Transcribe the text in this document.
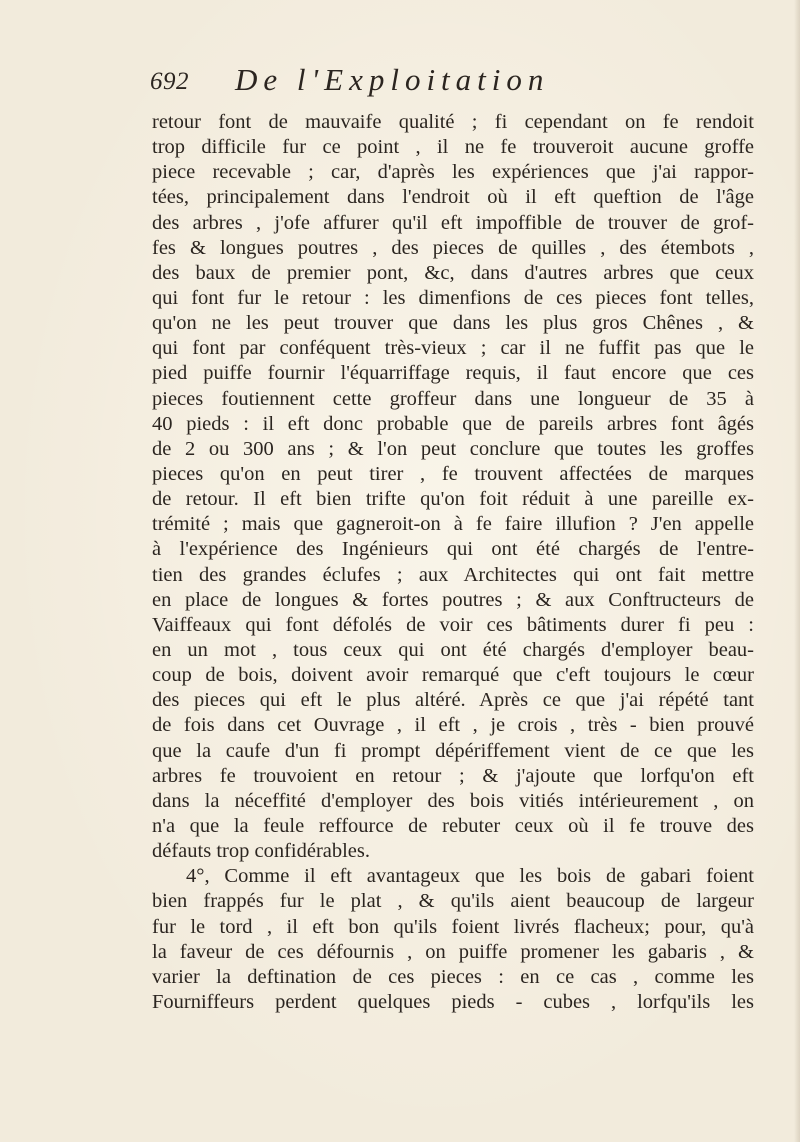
692 De l'Exploitation
retour font de mauvaife qualité ; fi cependant on fe rendoit
trop difficile fur ce point , il ne fe trouveroit aucune groffe
piece recevable ; car, d'après les expériences que j'ai rappor-
tées, principalement dans l'endroit où il eft queftion de l'âge
des arbres , j'ofe affurer qu'il eft impoffible de trouver de grof-
fes & longues poutres , des pieces de quilles , des étembots ,
des baux de premier pont, &c, dans d'autres arbres que ceux
qui font fur le retour : les dimenfions de ces pieces font telles,
qu'on ne les peut trouver que dans les plus gros Chênes , &
qui font par conféquent très-vieux ; car il ne fuffit pas que le
pied puiffe fournir l'équarriffage requis, il faut encore que ces
pieces foutiennent cette groffeur dans une longueur de 35 à
40 pieds : il eft donc probable que de pareils arbres font âgés
de 2 ou 300 ans ; & l'on peut conclure que toutes les groffes
pieces qu'on en peut tirer , fe trouvent affectées de marques
de retour. Il eft bien trifte qu'on foit réduit à une pareille ex-
trémité ; mais que gagneroit-on à fe faire illufion ? J'en appelle
à l'expérience des Ingénieurs qui ont été chargés de l'entre-
tien des grandes éclufes ; aux Architectes qui ont fait mettre
en place de longues & fortes poutres ; & aux Conftructeurs de
Vaiffeaux qui font défolés de voir ces bâtiments durer fi peu :
en un mot , tous ceux qui ont été chargés d'employer beau-
coup de bois, doivent avoir remarqué que c'eft toujours le cœur
des pieces qui eft le plus altéré. Après ce que j'ai répété tant
de fois dans cet Ouvrage , il eft , je crois , très - bien prouvé
que la caufe d'un fi prompt dépériffement vient de ce que les
arbres fe trouvoient en retour ; & j'ajoute que lorfqu'on eft
dans la néceffité d'employer des bois vitiés intérieurement , on
n'a que la feule reffource de rebuter ceux où il fe trouve des
défauts trop confidérables.
4°, Comme il eft avantageux que les bois de gabari foient
bien frappés fur le plat , & qu'ils aient beaucoup de largeur
fur le tord , il eft bon qu'ils foient livrés flacheux; pour, qu'à
la faveur de ces défournis , on puiffe promener les gabaris , &
varier la deftination de ces pieces : en ce cas , comme les
Fourniffeurs perdent quelques pieds - cubes , lorfqu'ils les
